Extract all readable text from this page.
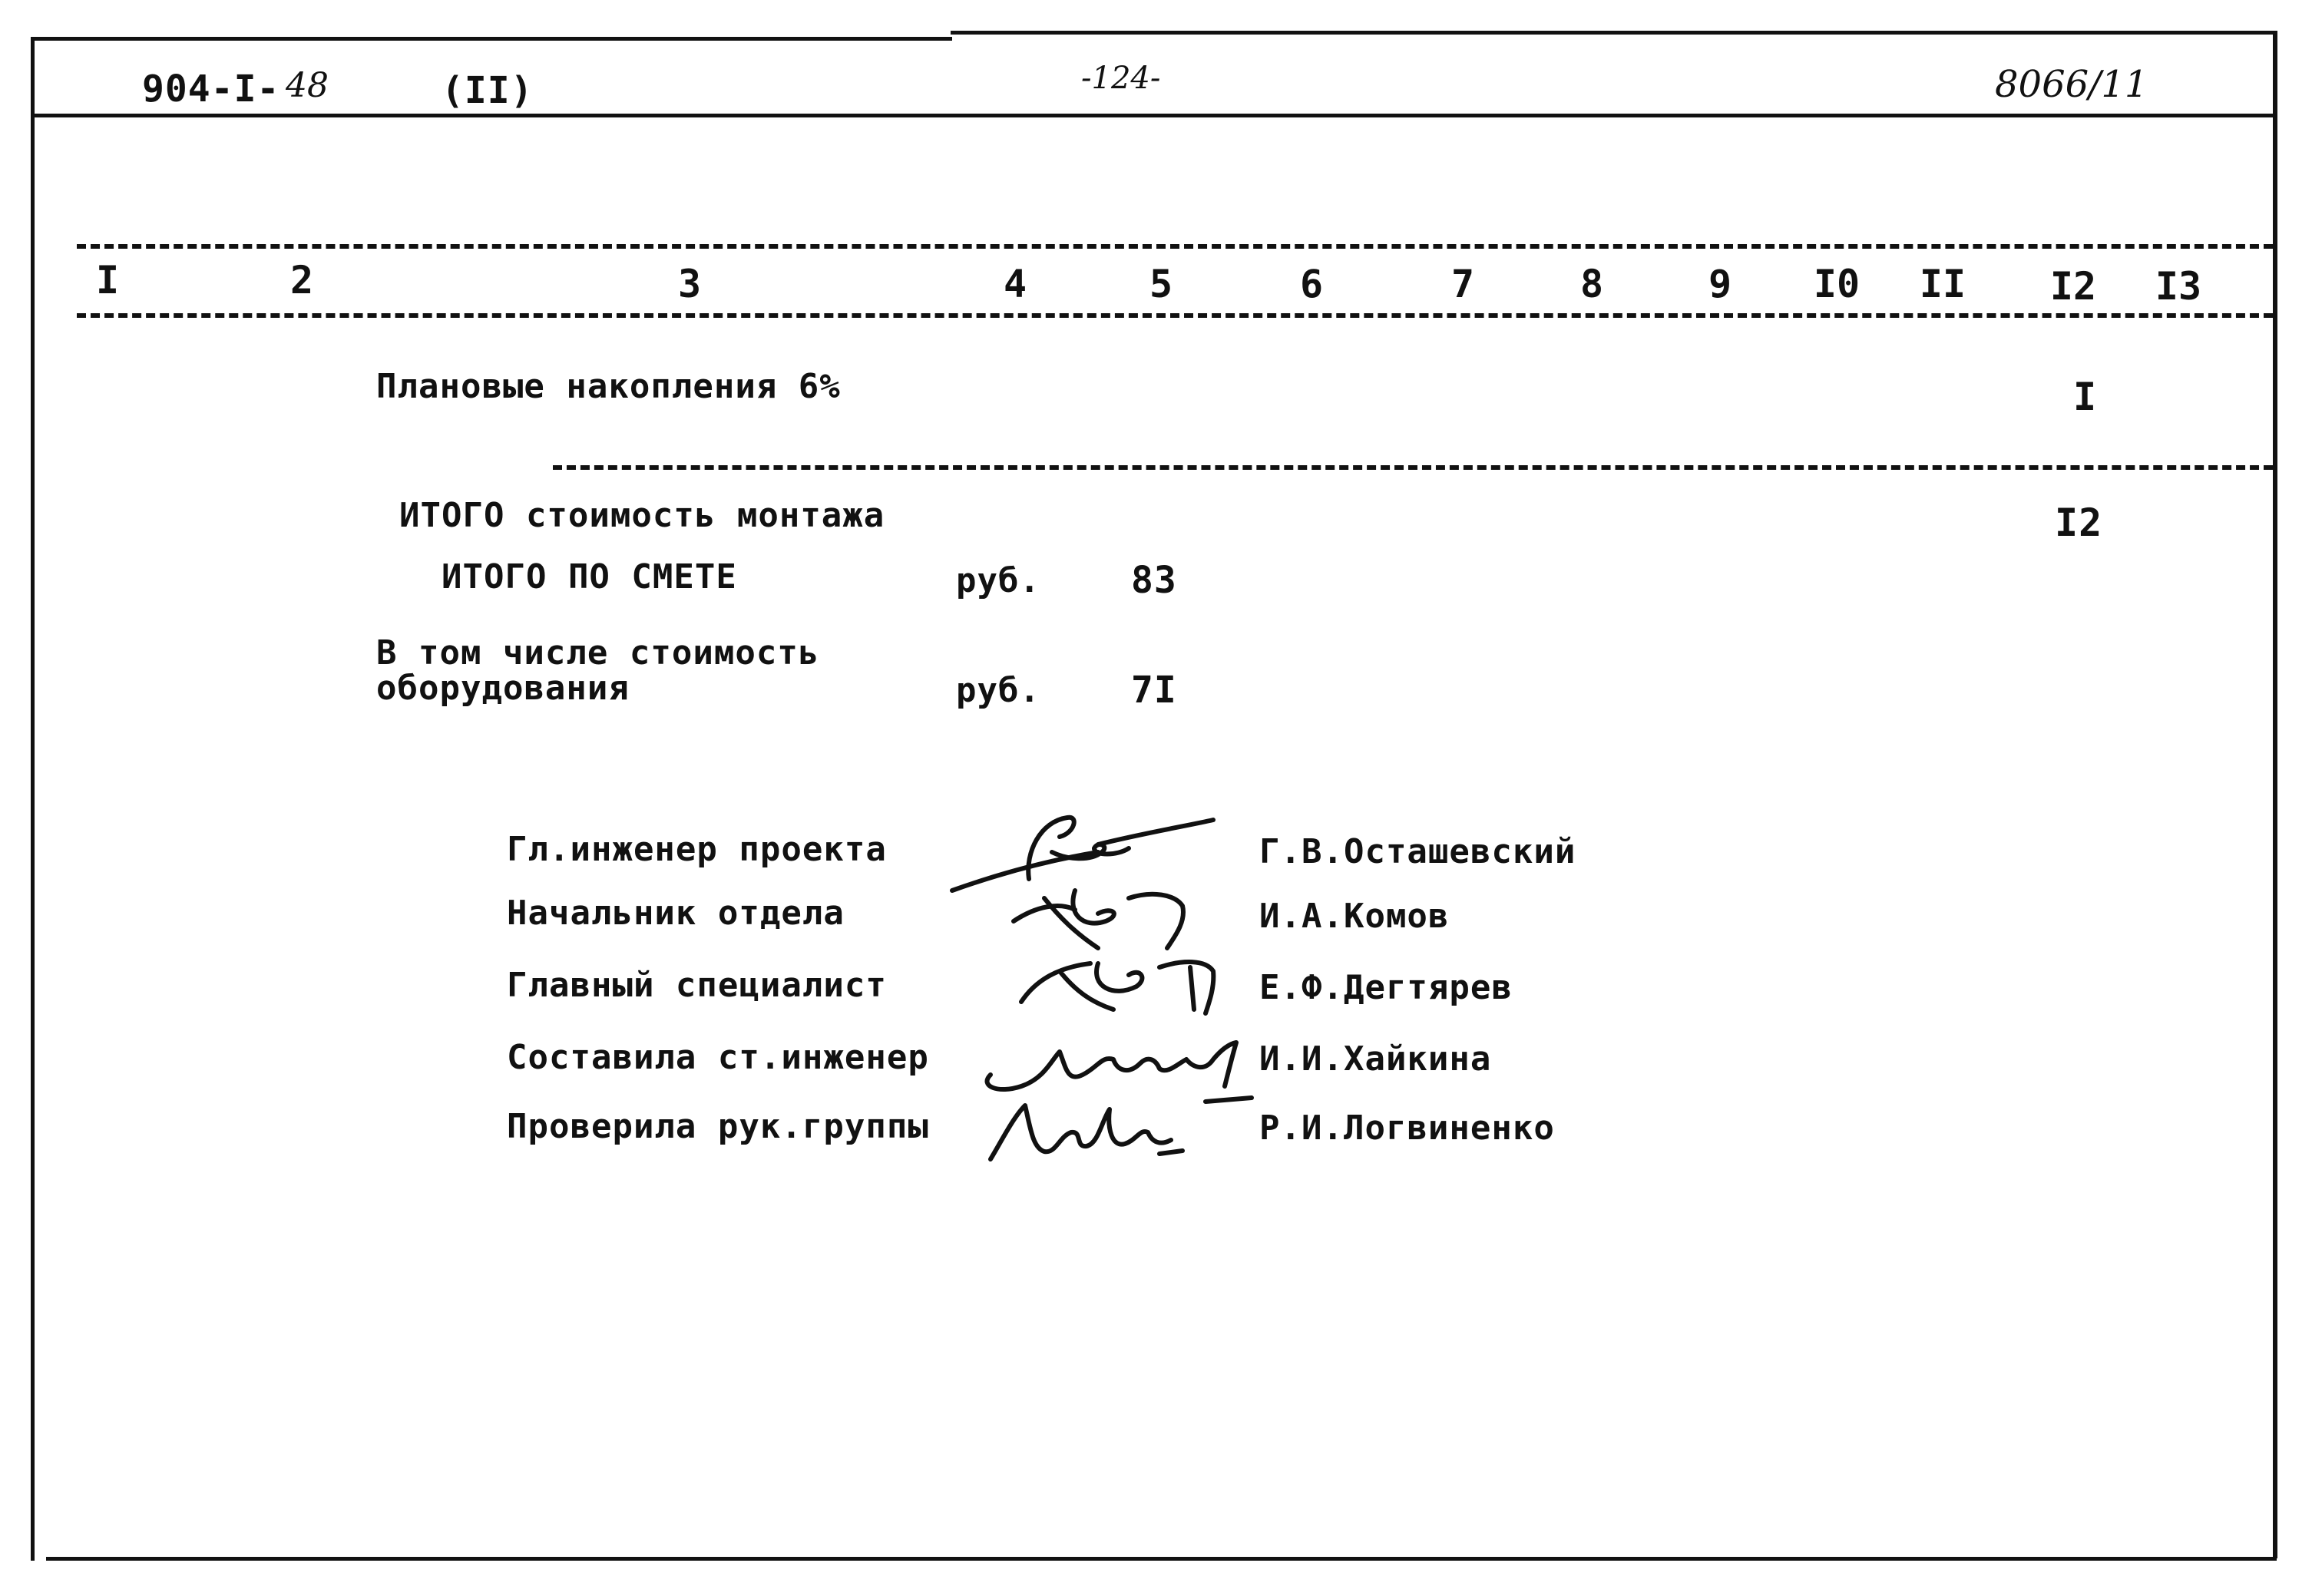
904-I- 48	(II)	-124-	8066/11
I	2	3	4	5	6	7	8	9 I0 II I2 I3
Плановые накопления 6%	I
ИТОГО стоимость монтажа	I2
ИТОГО ПО СМЕТЕ	руб. 83
В том числе стоимость
оборудования	руб. 7I
Гл.инженер проекта	Г.В.Осташевский
Начальник отдела	И.А.Комов
Главный специалист	Е.Ф.Дегтярев
Составила ст.инженер	И.И.Хайкина
Проверила рук.группы	Р.И.Логвиненко
